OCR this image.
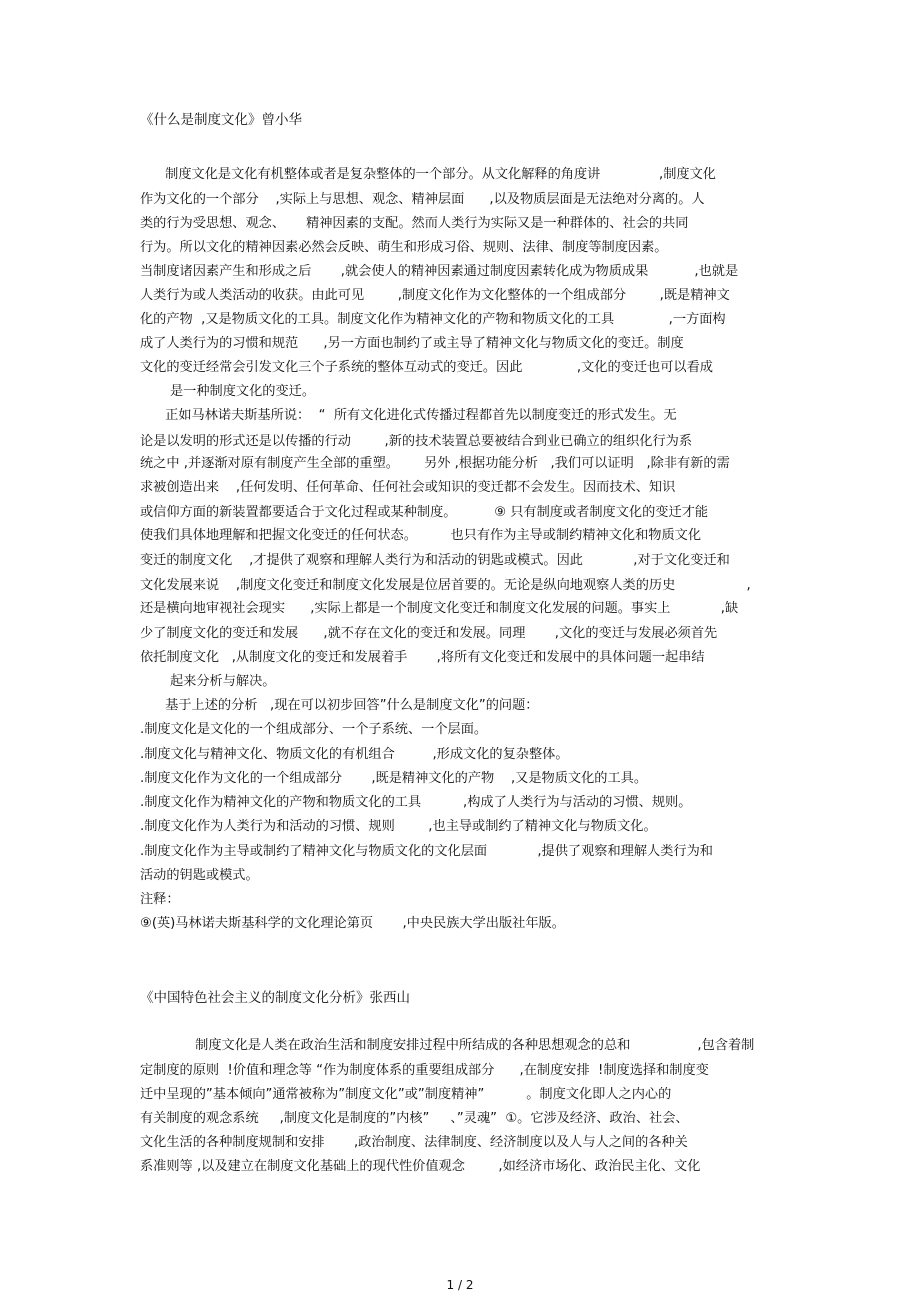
《什么是制度文化》曾小华
制度文化是文化有机整体或者是复杂整体的一个部分。从文化解释的角度讲              ,制度文化
作为文化的一个部分    ,实际上与思想、观念、精神层面      ,以及物质层面是无法绝对分离的。人
类的行为受思想、观念、     精神因素的支配。然而人类行为实际又是一种群体的、社会的共同
行为。所以文化的精神因素必然会反映、萌生和形成习俗、规则、法律、制度等制度因素。
当制度诸因素产生和形成之后       ,就会使人的精神因素通过制度因素转化成为物质成果           ,也就是
人类行为或人类活动的收获。由此可见        ,制度文化作为文化整体的一个组成部分        ,既是精神文
化的产物  ,又是物质文化的工具。制度文化作为精神文化的产物和物质文化的工具             ,一方面构
成了人类行为的习惯和规范      ,另一方面也制约了或主导了精神文化与物质文化的变迁。制度
文化的变迁经常会引发文化三个子系统的整体互动式的变迁。因此             ,文化的变迁也可以看成
是一种制度文化的变迁。
正如马林诺夫斯基所说：  “  所有文化进化式传播过程都首先以制度变迁的形式发生。无
论是以发明的形式还是以传播的行动        ,新的技术装置总要被结合到业已确立的组织化行为系
统之中 ,并逐渐对原有制度产生全部的重塑。      另外 ,根据功能分析   ,我们可以证明   ,除非有新的需
求被创造出来    ,任何发明、任何革命、任何社会或知识的变迁都不会发生。因而技术、知识
或信仰方面的新装置都要适合于文化过程或某种制度。         ⑨ 只有制度或者制度文化的变迁才能
使我们具体地理解和把握文化变迁的任何状态。        也只有作为主导或制约精神文化和物质文化
变迁的制度文化    ,才提供了观察和理解人类行为和活动的钥匙或模式。因此            ,对于文化变迁和
文化发展来说    ,制度文化变迁和制度文化发展是位居首要的。无论是纵向地观察人类的历史                 ,
还是横向地审视社会现实      ,实际上都是一个制度文化变迁和制度文化发展的问题。事实上            ,缺
少了制度文化的变迁和发展      ,就不存在文化的变迁和发展。同理       ,文化的变迁与发展必须首先
依托制度文化   ,从制度文化的变迁和发展着手       ,将所有文化变迁和发展中的具体问题一起串结
起来分析与解决。
基于上述的分析   ,现在可以初步回答”什么是制度文化”的问题：
.制度文化是文化的一个组成部分、一个子系统、一个层面。
.制度文化与精神文化、物质文化的有机组合         ,形成文化的复杂整体。
.制度文化作为文化的一个组成部分       ,既是精神文化的产物    ,又是物质文化的工具。
.制度文化作为精神文化的产物和物质文化的工具          ,构成了人类行为与活动的习惯、规则。
.制度文化作为人类行为和活动的习惯、规则        ,也主导或制约了精神文化与物质文化。
.制度文化作为主导或制约了精神文化与物质文化的文化层面            ,提供了观察和理解人类行为和
活动的钥匙或模式。
注释：
⑨(英)马林诺夫斯基科学的文化理论第页       ,中央民族大学出版社年版。
《中国特色社会主义的制度文化分析》张西山
制度文化是人类在政治生活和制度安排过程中所结成的各种思想观念的总和                ,包含着制
定制度的原则  !价值和理念等 “作为制度体系的重要组成部分      ,在制度安排  !制度选择和制度变
迁中呈现的”基本倾向”通常被称为”制度文化”或”制度精神”          。制度文化即人之内心的
有关制度的观念系统     ,制度文化是制度的”内核”     、”灵魂”  ①。它涉及经济、政治、社会、
文化生活的各种制度规制和安排       ,政治制度、法律制度、经济制度以及人与人之间的各种关
系准则等 ,以及建立在制度文化基础上的现代性价值观念        ,如经济市场化、政治民主化、文化
1 / 2
